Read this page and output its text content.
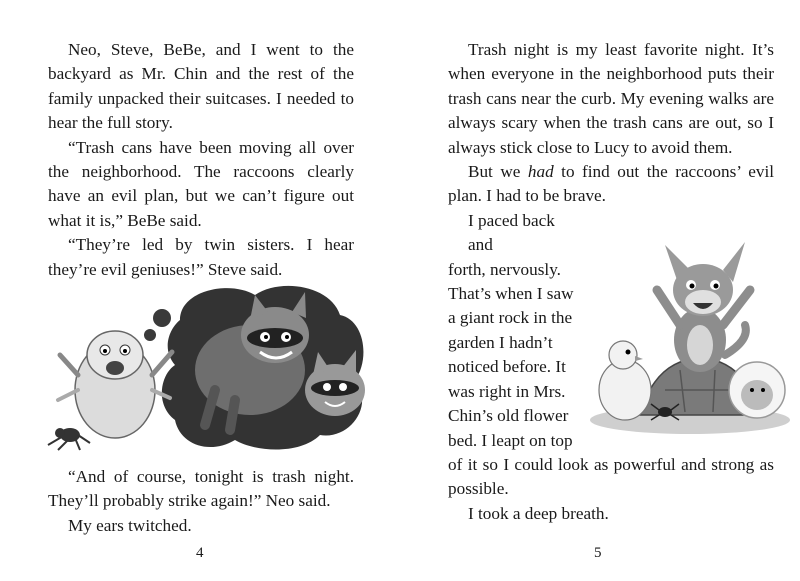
Neo, Steve, BeBe, and I went to the backyard as Mr. Chin and the rest of the family unpacked their suitcases. I needed to hear the full story.

“Trash cans have been moving all over the neighborhood. The raccoons clearly have an evil plan, but we can’t figure out what it is,” BeBe said.

“They’re led by twin sisters. I hear they’re evil geniuses!” Steve said.

“And of course, tonight is trash night. They’ll probably strike again!” Neo said.

My ears twitched.

4

Trash night is my least favorite night. It’s when everyone in the neighborhood puts their trash cans near the curb. My evening walks are always scary when the trash cans are out, so I always stick close to Lucy to avoid them.

But we had to find out the raccoons’ evil plan. I had to be brave.

I paced back and
forth, nervously.
That’s when I saw
a giant rock in the
garden I hadn’t
noticed before. It
was right in Mrs.
Chin’s old flower
bed. I leapt on top

of it so I could look as powerful and strong as possible.

I took a deep breath.

5
